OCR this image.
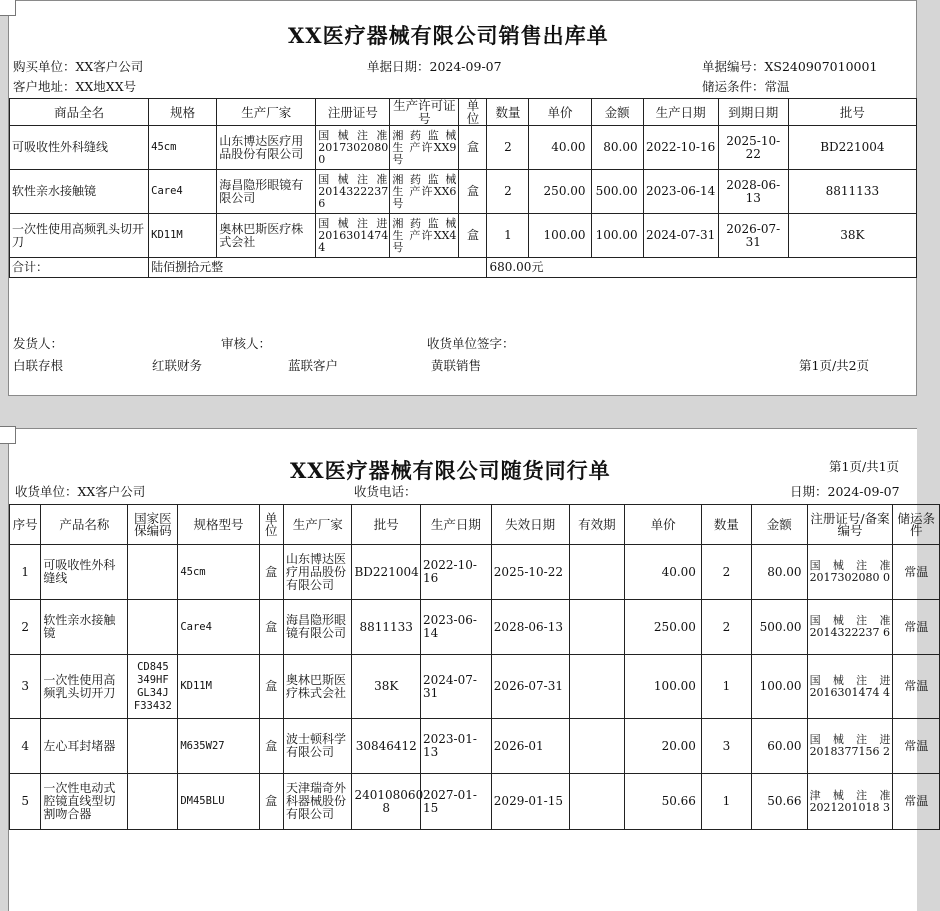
XX医疗器械有限公司销售出库单
购买单位：XX客户公司	单据日期：2024-09-07	单据编号：XS240907010001
客户地址：XX地XX号	储运条件：常温
商品全名	规格	生产厂家	注册证号	生产许可证号	单位	数量	单价	金额	生产日期	到期日期	批号
可吸收性外科缝线	45cm	山东博达医疗用品股份有限公司	国 械 注 准 2017302080 0	湘 药 监 械 生 产许XX9号	盒	2	40.00	80.00	2022-10-16	2025-10-22	BD221004
软性亲水接触镜	Care4	海昌隐形眼镜有限公司	国 械 注 准 2014322237 6	湘 药 监 械 生 产许XX6号	盒	2	250.00	500.00	2023-06-14	2028-06-13	8811133
一次性使用高频乳头切开刀	KD11M	奥林巴斯医疗株式会社	国 械 注 进 2016301474 4	湘 药 监 械 生 产许XX4号	盒	1	100.00	100.00	2024-07-31	2026-07-31	38K
合计：	陆佰捌拾元整					680.00元					
发货人：	审核人：	收货单位签字：
白联存根	红联财务	蓝联客户	黄联销售	第1页/共2页
XX医疗器械有限公司随货同行单	第1页/共1页
收货单位：XX客户公司	收货电话：	日期：2024-09-07
序号	产品名称	国家医保编码	规格型号	单位	生产厂家	批号	生产日期	失效日期	有效期	单价	数量	金额	注册证号/备案编号	储运条件
1	可吸收性外科缝线		45cm	盒	山东博达医疗用品股份有限公司	BD221004	2022-10-16	2025-10-22		40.00	2	80.00	国 械 注 准 2017302080 0	常温
2	软性亲水接触镜		Care4	盒	海昌隐形眼镜有限公司	8811133	2023-06-14	2028-06-13		250.00	2	500.00	国 械 注 准 2014322237 6	常温
3	一次性使用高频乳头切开刀	CD845 349HF GL34J F33432	KD11M	盒	奥林巴斯医疗株式会社	38K	2024-07-31	2026-07-31		100.00	1	100.00	国 械 注 进 2016301474 4	常温
4	左心耳封堵器		M635W27	盒	波士顿科学有限公司	30846412	2023-01-13	2026-01		20.00	3	60.00	国 械 注 进 2018377156 2	常温
5	一次性电动式腔镜直线型切割吻合器		DM45BLU	盒	天津瑞奇外科器械股份有限公司	240108060 8	2027-01-15	2029-01-15		50.66	1	50.66	津 械 注 准 2021201018 3	常温
